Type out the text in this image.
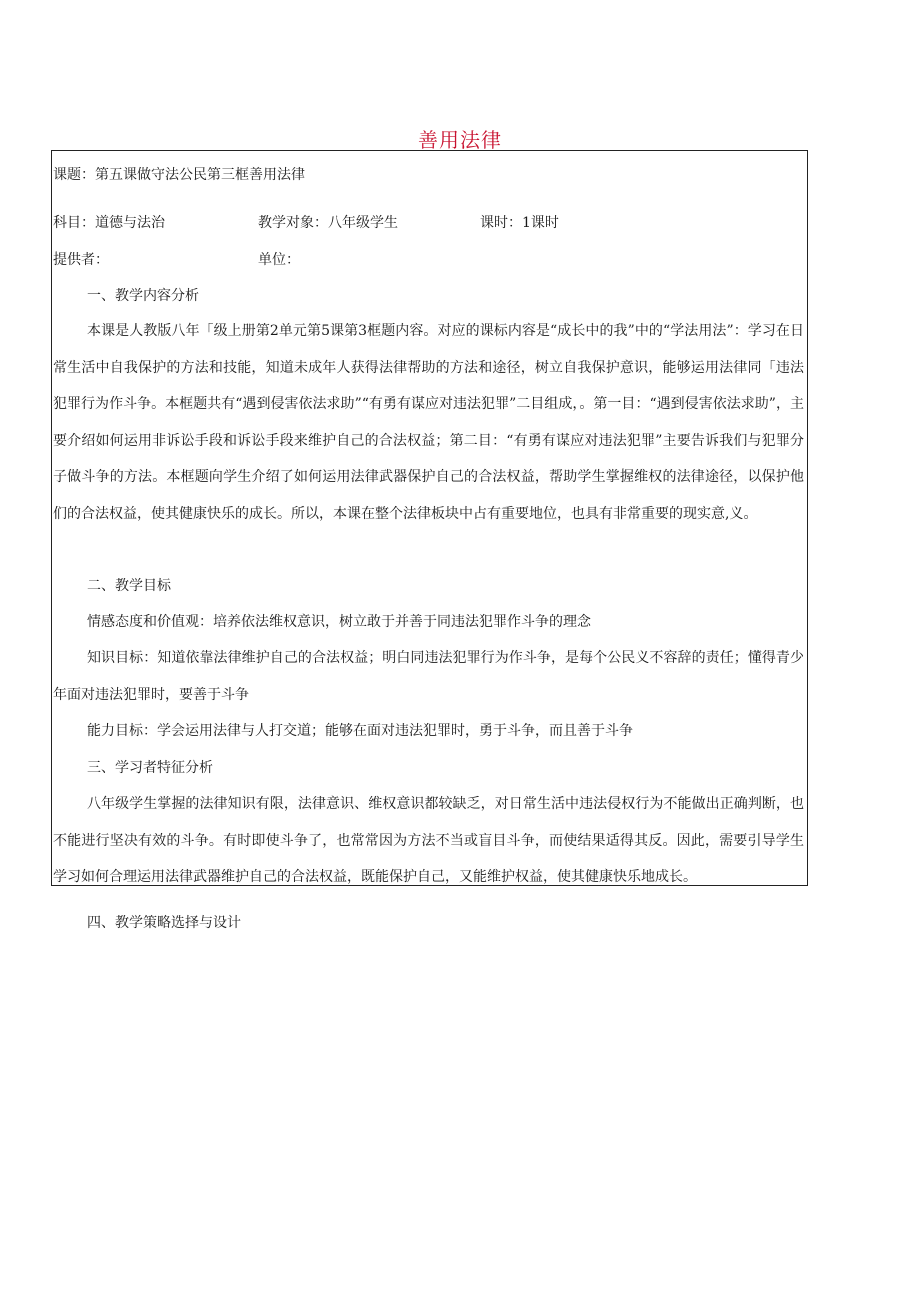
善用法律
课题：第五课做守法公民第三框善用法律
科目：道德与法治	教学对象：八年级学生	课时：1课时
提供者：	单位：
一、教学内容分析
本课是人教版八年「级上册第2单元第5课第3框题内容。对应的课标内容是“成长中的我”中的“学法用法”：学习在日常生活中自我保护的方法和技能，知道未成年人获得法律帮助的方法和途径，树立自我保护意识，能够运用法律同「违法犯罪行为作斗争。本框题共有“遇到侵害依法求助”“有勇有谋应对违法犯罪”二目组成，。第一目：“遇到侵害依法求助”，主要介绍如何运用非诉讼手段和诉讼手段来维护自己的合法权益；第二目：“有勇有谋应对违法犯罪”主要告诉我们与犯罪分子做斗争的方法。本框题向学生介绍了如何运用法律武器保护自己的合法权益，帮助学生掌握维权的法律途径，以保护他们的合法权益，使其健康快乐的成长。所以，本课在整个法律板块中占有重要地位，也具有非常重要的现实意,义。
二、教学目标
情感态度和价值观：培养依法维权意识，树立敢于并善于同违法犯罪作斗争的理念
知识目标：知道依靠法律维护自己的合法权益；明白同违法犯罪行为作斗争，是每个公民义不容辞的责任；懂得青少年面对违法犯罪时，要善于斗争
能力目标：学会运用法律与人打交道；能够在面对违法犯罪时，勇于斗争，而且善于斗争
三、学习者特征分析
八年级学生掌握的法律知识有限，法律意识、维权意识都较缺乏，对日常生活中违法侵权行为不能做出正确判断，也不能进行坚决有效的斗争。有时即使斗争了，也常常因为方法不当或盲目斗争，而使结果适得其反。因此，需要引导学生学习如何合理运用法律武器维护自己的合法权益，既能保护自己，又能维护权益，使其健康快乐地成长。
四、教学策略选择与设计
